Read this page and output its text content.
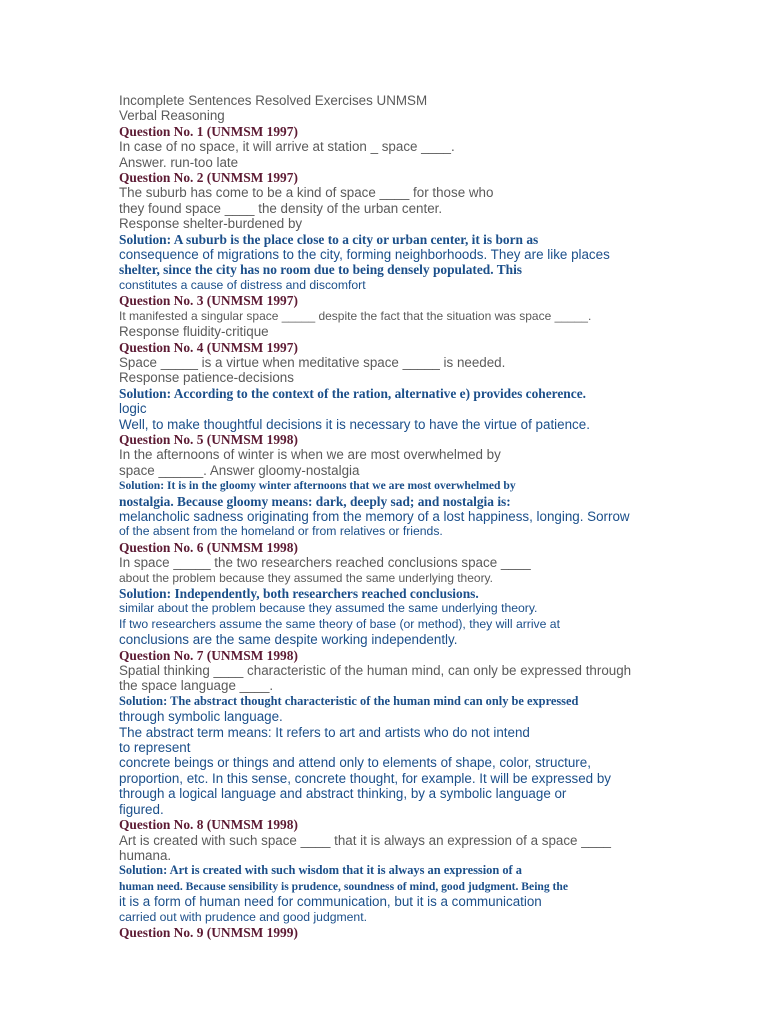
Incomplete Sentences Resolved Exercises UNMSM
Verbal Reasoning
Question No. 1 (UNMSM 1997)
In case of no space, it will arrive at station _ space ____.
Answer. run-too late
Question No. 2 (UNMSM 1997)
The suburb has come to be a kind of space ____ for those who
they found space ____ the density of the urban center.
Response shelter-burdened by
Solution: A suburb is the place close to a city or urban center, it is born as
consequence of migrations to the city, forming neighborhoods. They are like places
shelter, since the city has no room due to being densely populated. This
constitutes a cause of distress and discomfort
Question No. 3 (UNMSM 1997)
It manifested a singular space _____ despite the fact that the situation was space _____.
Response fluidity-critique
Question No. 4 (UNMSM 1997)
Space _____ is a virtue when meditative space _____ is needed.
Response patience-decisions
Solution: According to the context of the ration, alternative e) provides coherence.
logic
Well, to make thoughtful decisions it is necessary to have the virtue of patience.
Question No. 5 (UNMSM 1998)
In the afternoons of winter is when we are most overwhelmed by
space ______. Answer gloomy-nostalgia
Solution: It is in the gloomy winter afternoons that we are most overwhelmed by
nostalgia. Because gloomy means: dark, deeply sad; and nostalgia is:
melancholic sadness originating from the memory of a lost happiness, longing. Sorrow
of the absent from the homeland or from relatives or friends.
Question No. 6 (UNMSM 1998)
In space _____ the two researchers reached conclusions space ____
about the problem because they assumed the same underlying theory.
Solution: Independently, both researchers reached conclusions.
similar about the problem because they assumed the same underlying theory.
If two researchers assume the same theory of base (or method), they will arrive at
conclusions are the same despite working independently.
Question No. 7 (UNMSM 1998)
Spatial thinking ____ characteristic of the human mind, can only be expressed through
the space language ____.
Solution: The abstract thought characteristic of the human mind can only be expressed
through symbolic language.
The abstract term means: It refers to art and artists who do not intend
to represent
concrete beings or things and attend only to elements of shape, color, structure,
proportion, etc. In this sense, concrete thought, for example. It will be expressed by
through a logical language and abstract thinking, by a symbolic language or
figured.
Question No. 8 (UNMSM 1998)
Art is created with such space ____ that it is always an expression of a space ____
humana.
Solution: Art is created with such wisdom that it is always an expression of a
human need. Because sensibility is prudence, soundness of mind, good judgment. Being the
it is a form of human need for communication, but it is a communication
carried out with prudence and good judgment.
Question No. 9 (UNMSM 1999)
